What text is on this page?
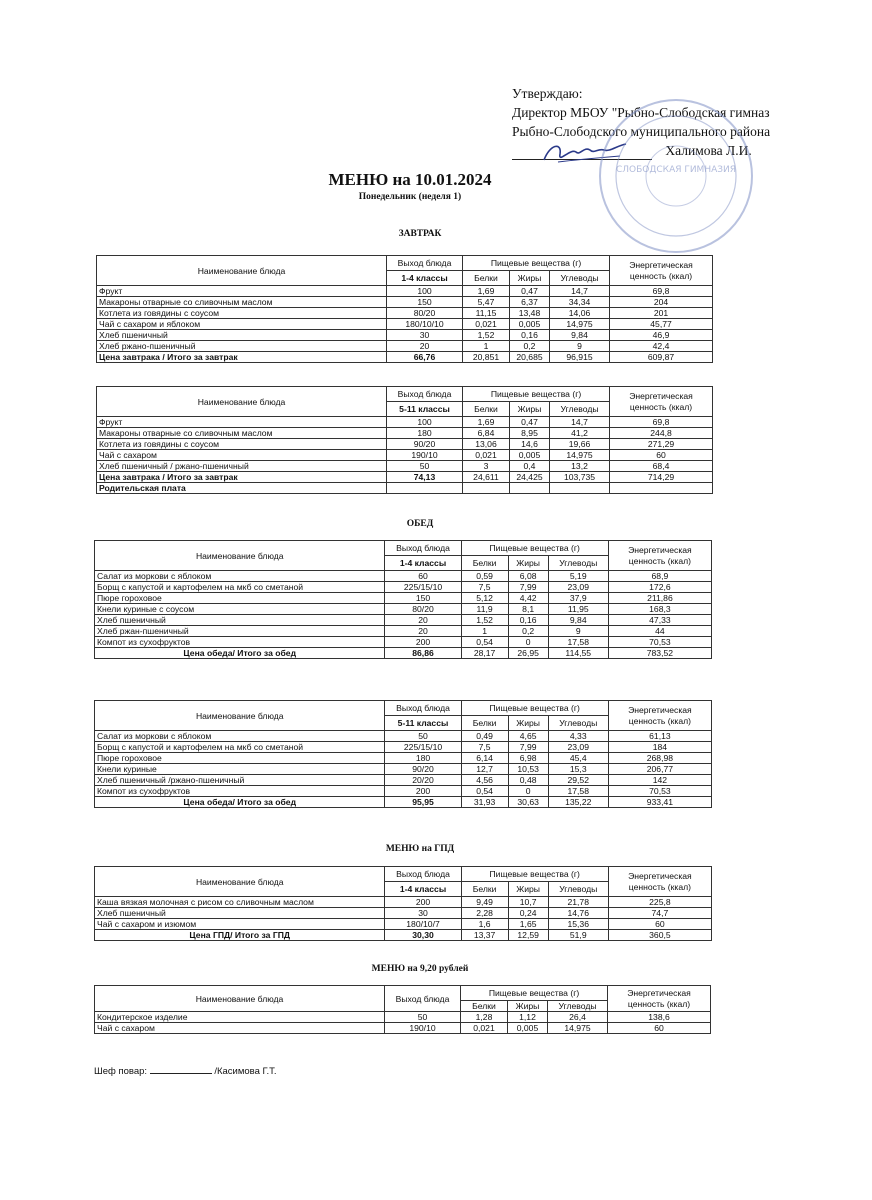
Утверждаю:
Директор МБОУ "Рыбно-Слободская гимназ
Рыбно-Слободского муниципального района
Халимова Л.И.
СЛОБОДСКАЯ ГИМНАЗИЯ
МЕНЮ на 10.01.2024
Понедельник (неделя 1)
ЗАВТРАК
ОБЕД
МЕНЮ на ГПД
МЕНЮ на 9,20 рублей
Наименование блюда	Выход блюда	Пищевые вещества (г)			Энергетическая ценность (ккал)
	1-4 классы	Белки	Жиры	Углеводы	
Фрукт	100	1,69	0,47	14,7	69,8
Макароны отварные со сливочным маслом	150	5,47	6,37	34,34	204
Котлета из говядины с соусом	80/20	11,15	13,48	14,06	201
Чай с сахаром и яблоком	180/10/10	0,021	0,005	14,975	45,77
Хлеб пшеничный	30	1,52	0,16	9,84	46,9
Хлеб ржано-пшеничный	20	1	0,2	9	42,4
Цена завтрака / Итого за завтрак	66,76	20,851	20,685	96,915	609,87
Наименование блюда	Выход блюда	Пищевые вещества (г)			Энергетическая ценность (ккал)
	5-11 классы	Белки	Жиры	Углеводы	
Фрукт	100	1,69	0,47	14,7	69,8
Макароны отварные со сливочным маслом	180	6,84	8,95	41,2	244,8
Котлета из говядины с соусом	90/20	13,06	14,6	19,66	271,29
Чай с сахаром	190/10	0,021	0,005	14,975	60
Хлеб пшеничный / ржано-пшеничный	50	3	0,4	13,2	68,4
Цена завтрака / Итого за завтрак	74,13	24,611	24,425	103,735	714,29
Родительская плата					
Наименование блюда	Выход блюда	Пищевые вещества (г)			Энергетическая ценность (ккал)
	1-4 классы	Белки	Жиры	Углеводы	
Салат из моркови с яблоком	60	0,59	6,08	5,19	68,9
Борщ с капустой и картофелем на мкб со сметаной	225/15/10	7,5	7,99	23,09	172,6
Пюре гороховое	150	5,12	4,42	37,9	211,86
Кнели куриные с соусом	80/20	11,9	8,1	11,95	168,3
Хлеб пшеничный	20	1,52	0,16	9,84	47,33
Хлеб ржан-пшеничный	20	1	0,2	9	44
Компот из сухофруктов	200	0,54	0	17,58	70,53
Цена обеда/ Итого за обед	86,86	28,17	26,95	114,55	783,52
Наименование блюда	Выход блюда	Пищевые вещества (г)			Энергетическая ценность (ккал)
	5-11 классы	Белки	Жиры	Углеводы	
Салат из моркови с яблоком	50	0,49	4,65	4,33	61,13
Борщ с капустой и картофелем на мкб со сметаной	225/15/10	7,5	7,99	23,09	184
Пюре гороховое	180	6,14	6,98	45,4	268,98
Кнели куриные	90/20	12,7	10,53	15,3	206,77
Хлеб пшеничный /ржано-пшеничный	20/20	4,56	0,48	29,52	142
Компот из сухофруктов	200	0,54	0	17,58	70,53
Цена обеда/ Итого за обед	95,95	31,93	30,63	135,22	933,41
Наименование блюда	Выход блюда	Пищевые вещества (г)			Энергетическая ценность (ккал)
	1-4 классы	Белки	Жиры	Углеводы	
Каша вязкая молочная с рисом со сливочным маслом	200	9,49	10,7	21,78	225,8
Хлеб пшеничный	30	2,28	0,24	14,76	74,7
Чай с сахаром и изюмом	180/10/7	1,6	1,65	15,36	60
Цена ГПД/ Итого за ГПД	30,30	13,37	12,59	51,9	360,5
Наименование блюда	Выход блюда	Пищевые вещества (г)			Энергетическая ценность (ккал)
		Белки	Жиры	Углеводы	
Кондитерское изделие	50	1,28	1,12	26,4	138,6
Чай с сахаром	190/10	0,021	0,005	14,975	60
Шеф повар:	/Касимова Г.Т.
